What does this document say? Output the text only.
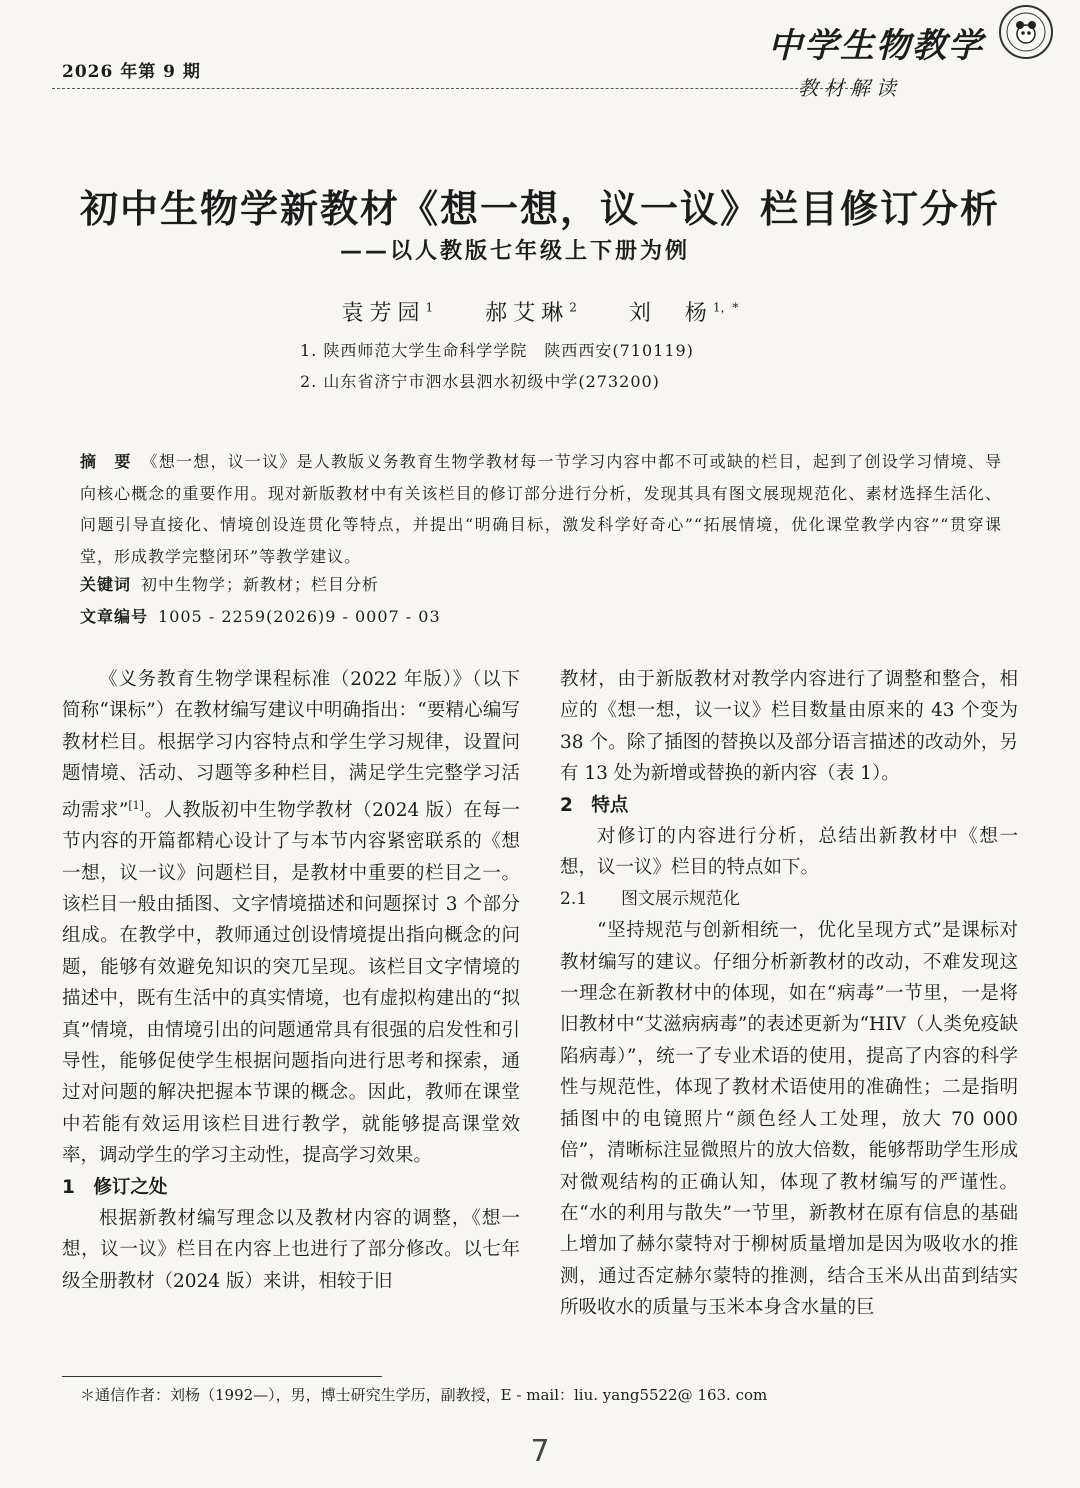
2026 年第 9 期
中学生物教学
教材解读
初中生物学新教材《想一想，议一议》栏目修订分析
——以人教版七年级上下册为例
袁芳园$^1$ 郝艾琳$^2$ 刘　杨$^{1,*}$
1. 陕西师范大学生命科学学院　陕西西安(710119)
2. 山东省济宁市泗水县泗水初级中学(273200)
摘　要 《想一想，议一议》是人教版义务教育生物学教材每一节学习内容中都不可或缺的栏目，起到了创设学习情境、导向核心概念的重要作用。现对新版教材中有关该栏目的修订部分进行分析，发现其具有图文展现规范化、素材选择生活化、问题引导直接化、情境创设连贯化等特点，并提出“明确目标，激发科学好奇心”“拓展情境，优化课堂教学内容”“贯穿课堂，形成教学完整闭环”等教学建议。
关键词 初中生物学；新教材；栏目分析
文章编号 1005 - 2259(2026)9 - 0007 - 03

《义务教育生物学课程标准（2022 年版）》（以下简称“课标”）在教材编写建议中明确指出：“要精心编写教材栏目。根据学习内容特点和学生学习规律，设置问题情境、活动、习题等多种栏目，满足学生完整学习活动需求”[1]。人教版初中生物学教材（2024 版）在每一节内容的开篇都精心设计了与本节内容紧密联系的《想一想，议一议》问题栏目，是教材中重要的栏目之一。该栏目一般由插图、文字情境描述和问题探讨 3 个部分组成。在教学中，教师通过创设情境提出指向概念的问题，能够有效避免知识的突兀呈现。该栏目文字情境的描述中，既有生活中的真实情境，也有虚拟构建出的“拟真”情境，由情境引出的问题通常具有很强的启发性和引导性，能够促使学生根据问题指向进行思考和探索，通过对问题的解决把握本节课的概念。因此，教师在课堂中若能有效运用该栏目进行教学，就能够提高课堂效率，调动学生的学习主动性，提高学习效果。

1　修订之处

根据新教材编写理念以及教材内容的调整，《想一想，议一议》栏目在内容上也进行了部分修改。以七年级全册教材（2024 版）来讲，相较于旧

教材，由于新版教材对教学内容进行了调整和整合，相应的《想一想，议一议》栏目数量由原来的 43 个变为 38 个。除了插图的替换以及部分语言描述的改动外，另有 13 处为新增或替换的新内容（表 1）。

2　特点

对修订的内容进行分析，总结出新教材中《想一想，议一议》栏目的特点如下。

2.1　　图文展示规范化

“坚持规范与创新相统一，优化呈现方式”是课标对教材编写的建议。仔细分析新教材的改动，不难发现这一理念在新教材中的体现，如在“病毒”一节里，一是将旧教材中“艾滋病病毒”的表述更新为“HIV（人类免疫缺陷病毒）”，统一了专业术语的使用，提高了内容的科学性与规范性，体现了教材术语使用的准确性；二是指明插图中的电镜照片“颜色经人工处理，放大 70 000 倍”，清晰标注显微照片的放大倍数，能够帮助学生形成对微观结构的正确认知，体现了教材编写的严谨性。在“水的利用与散失”一节里，新教材在原有信息的基础上增加了赫尔蒙特对于柳树质量增加是因为吸收水的推测，通过否定赫尔蒙特的推测，结合玉米从出苗到结实所吸收水的质量与玉米本身含水量的巨

＊通信作者：刘杨（1992—），男，博士研究生学历，副教授，E - mail：liu. yang5522@ 163. com
7
